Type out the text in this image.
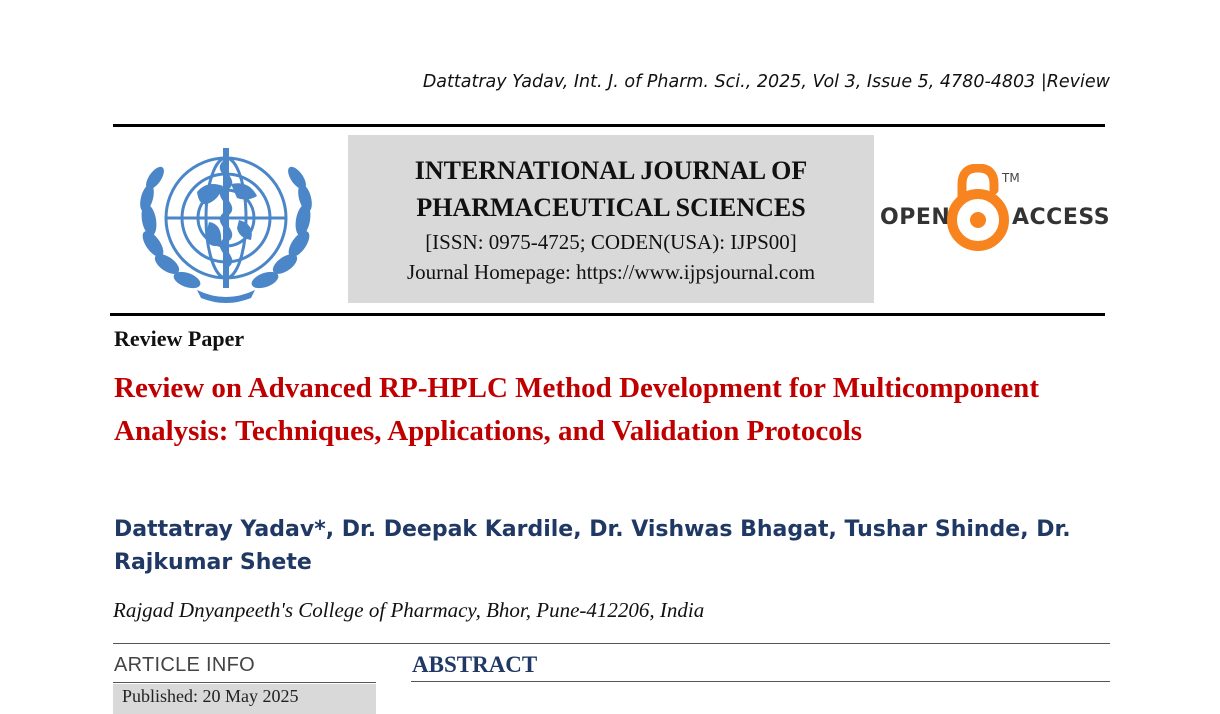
Dattatray Yadav, Int. J. of Pharm. Sci., 2025, Vol 3, Issue 5, 4780-4803 |Review
INTERNATIONAL JOURNAL OF
PHARMACEUTICAL SCIENCES
[ISSN: 0975-4725; CODEN(USA): IJPS00]
Journal Homepage: https://www.ijpsjournal.com
OPEN
TM
ACCESS
Review Paper
Review on Advanced RP-HPLC Method Development for Multicomponent Analysis: Techniques, Applications, and Validation Protocols
Dattatray Yadav*, Dr. Deepak Kardile, Dr. Vishwas Bhagat, Tushar Shinde, Dr. Rajkumar Shete
Rajgad Dnyanpeeth's College of Pharmacy, Bhor, Pune-412206, India
ARTICLE INFO
Published: 20 May 2025
ABSTRACT
